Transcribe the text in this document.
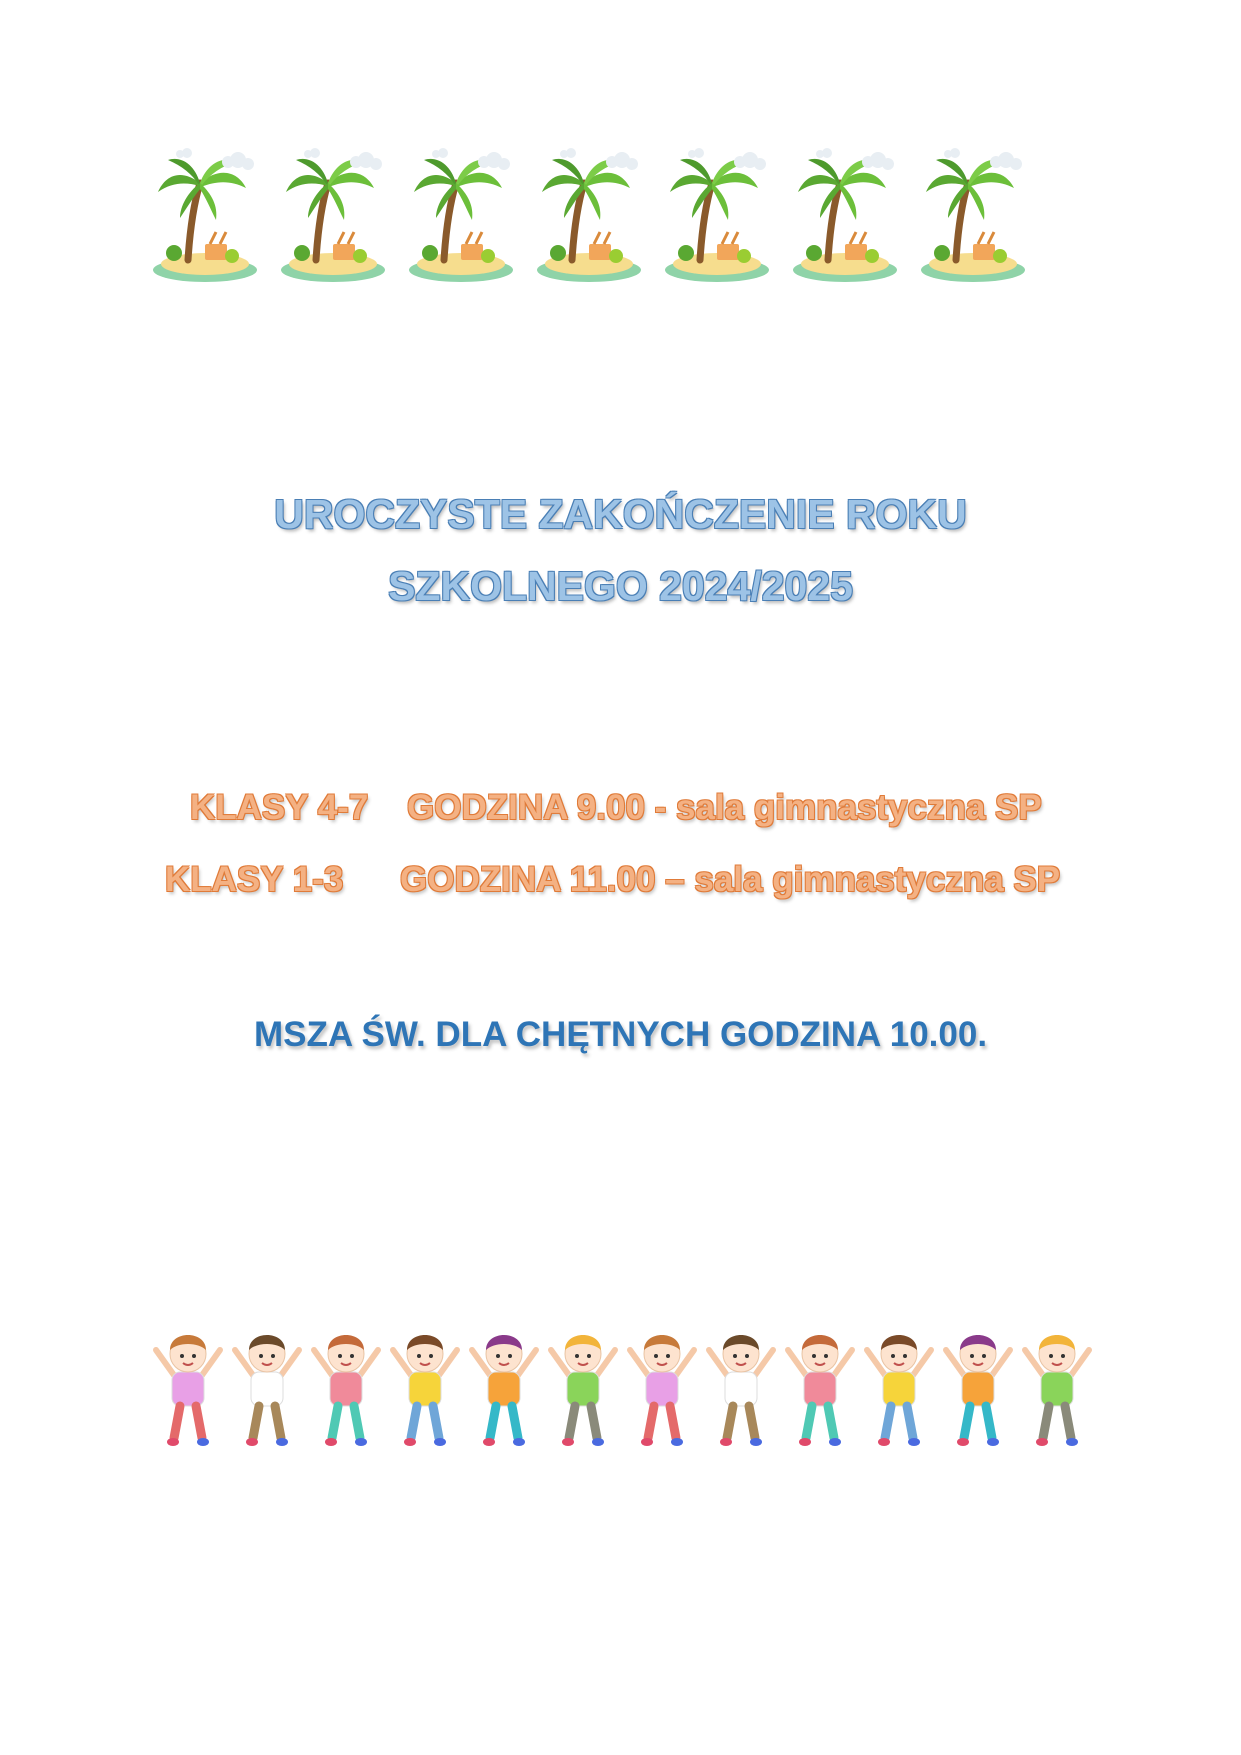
UROCZYSTE ZAKOŃCZENIE ROKU
SZKOLNEGO 2024/2025
KLASY 4-7 GODZINA 9.00 - sala gimnastyczna SP
KLASY 1-3 GODZINA 11.00 – sala gimnastyczna SP
MSZA ŚW. DLA CHĘTNYCH GODZINA 10.00.
